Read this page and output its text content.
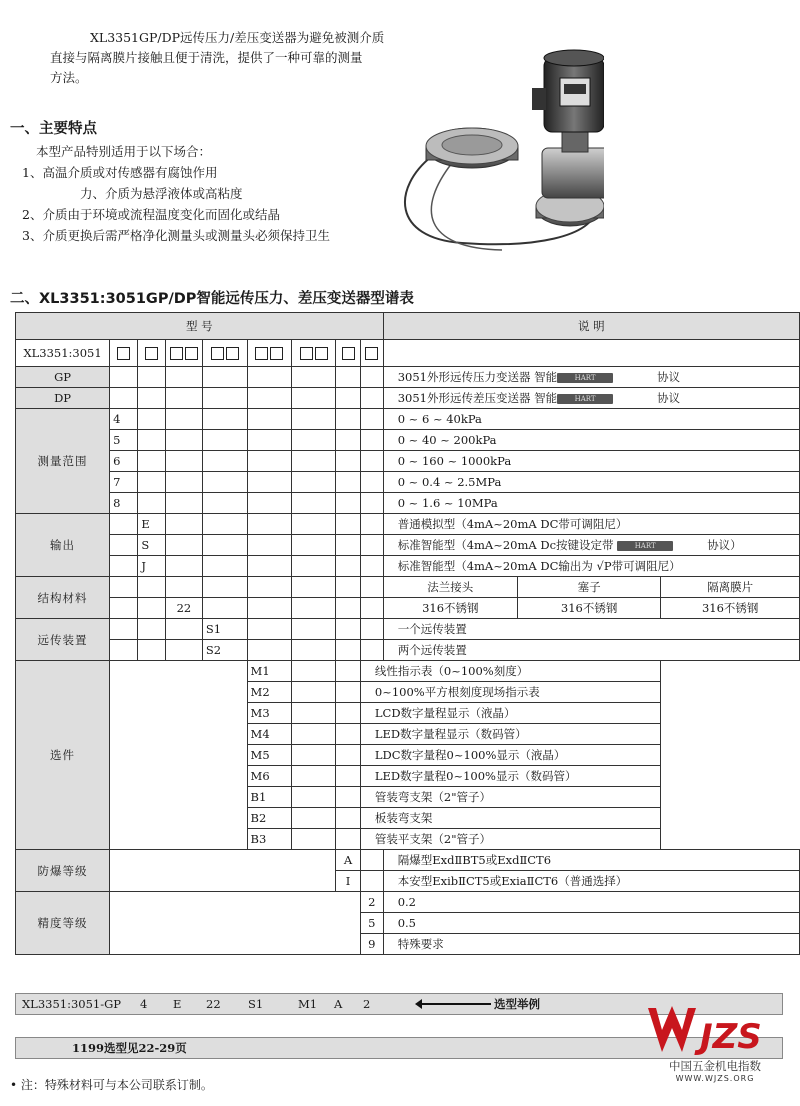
XL3351GP/DP远传压力/差压变送器为避免被测介质
直接与隔离膜片接触且便于清洗，提供了一种可靠的测量
方法。
一、主要特点
本型产品特别适用于以下场合：
1、高温介质或对传感器有腐蚀作用
力、介质为悬浮液体或高粘度
2、介质由于环境或流程温度变化而固化或结晶
3、介质更换后需严格净化测量头或测量头必须保持卫生
二、XL3351:3051GP/DP智能远传压力、差压变送器型谱表
型 号									说 明		
XL3351:3051											
GP									3051外形远传压力变送器 智能 HART 协议		
DP									3051外形远传差压变送器 智能 HART 协议		
测量范围	4								0 ~ 6 ~ 40kPa		
	5								0 ~ 40 ~ 200kPa		
	6								0 ~ 160 ~ 1000kPa		
	7								0 ~ 0.4 ~ 2.5MPa		
	8								0 ~ 1.6 ~ 10MPa		
输出		E							普通模拟型（4mA~20mA DC带可调阻尼）		
		S							标准智能型（4mA~20mA Dc按键设定带 HART 协议）		
		J							标准智能型（4mA~20mA DC输出为 √P带可调阻尼）		
结构材料									法兰接头	塞子	隔离膜片
			22						316不锈钢	316不锈钢	316不锈钢
远传装置				S1					一个远传装置		
				S2					两个远传装置		
选件					M1			线性指示表（0~100%刻度）			
					M2			0~100%平方根刻度现场指示表			
					M3			LCD数字量程显示（液晶）			
					M4			LED数字量程显示（数码管）			
					M5			LDC数字量程0~100%显示（液晶）			
					M6			LED数字量程0~100%显示（数码管）			
					B1			管装弯支架（2"管子）			
					B2			板装弯支架			
					B3			管装平支架（2"管子）			
防爆等级							A		隔爆型ExdⅡBT5或ExdⅡCT6		
							I		本安型ExibⅡCT5或ExiaⅡCT6（普通选择）		
精度等级								2	0.2		
								5	0.5		
								9	特殊要求		
XL3351:3051-GP 4 E 22 S1	M1 A 2	选型举例
1199选型见22-29页
• 注：特殊材料可与本公司联系订制。
JZS
中国五金机电指数
WWW.WJZS.ORG
